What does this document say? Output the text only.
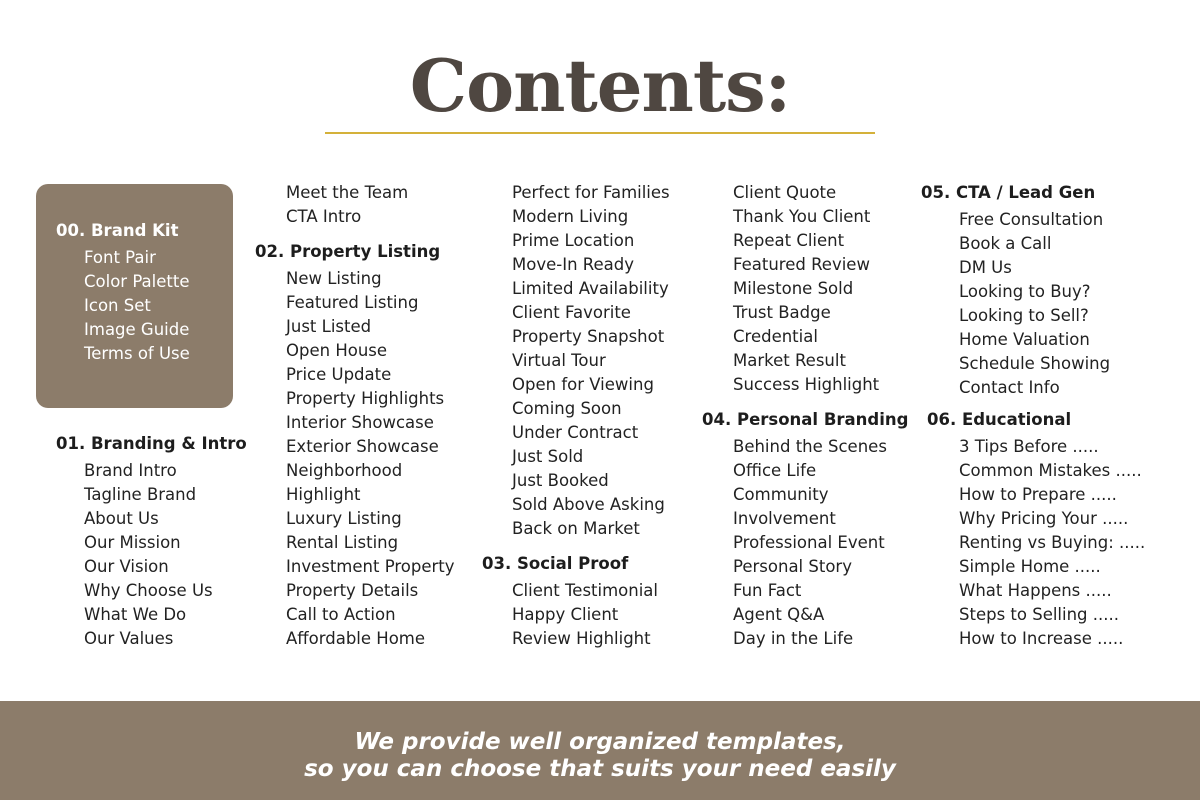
Contents:
00. Brand Kit
Font Pair
Color Palette
Icon Set
Image Guide
Terms of Use
01. Branding & Intro
Brand Intro
Tagline Brand
About Us
Our Mission
Our Vision
Why Choose Us
What We Do
Our Values
Meet the Team
CTA Intro
02. Property Listing
New Listing
Featured Listing
Just Listed
Open House
Price Update
Property Highlights
Interior Showcase
Exterior Showcase
Neighborhood
Highlight
Luxury Listing
Rental Listing
Investment Property
Property Details
Call to Action
Affordable Home
Perfect for Families
Modern Living
Prime Location
Move-In Ready
Limited Availability
Client Favorite
Property Snapshot
Virtual Tour
Open for Viewing
Coming Soon
Under Contract
Just Sold
Just Booked
Sold Above Asking
Back on Market
03. Social Proof
Client Testimonial
Happy Client
Review Highlight
Client Quote
Thank You Client
Repeat Client
Featured Review
Milestone Sold
Trust Badge
Credential
Market Result
Success Highlight
04. Personal Branding
Behind the Scenes
Office Life
Community
Involvement
Professional Event
Personal Story
Fun Fact
Agent Q&A
Day in the Life
05. CTA / Lead Gen
Free Consultation
Book a Call
DM Us
Looking to Buy?
Looking to Sell?
Home Valuation
Schedule Showing
Contact Info
06. Educational
3 Tips Before .....
Common Mistakes .....
How to Prepare .....
Why Pricing Your .....
Renting vs Buying: .....
Simple Home .....
What Happens .....
Steps to Selling .....
How to Increase .....
We provide well organized templates,
so you can choose that suits your need easily
